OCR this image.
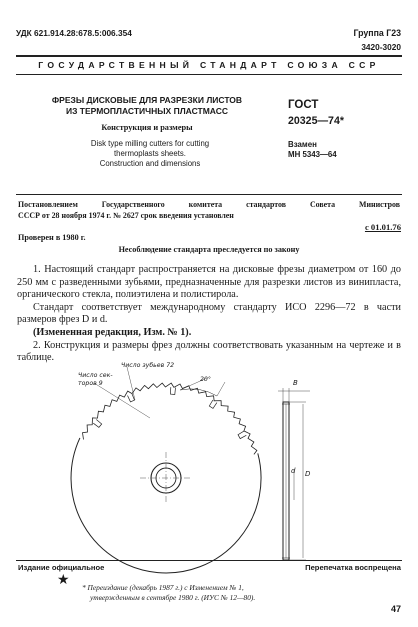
УДК 621.914.28:678.5:006.354	Группа Г23
3420-3020
ГОСУДАРСТВЕННЫЙ СТАНДАРТ СОЮЗА ССР
ФРЕЗЫ ДИСКОВЫЕ ДЛЯ РАЗРЕЗКИ ЛИСТОВ
ИЗ ТЕРМОПЛАСТИЧНЫХ ПЛАСТМАСС
Конструкция и размеры
Disk type milling cutters for cutting
thermoplasts sheets.
Construction and dimensions
ГОСТ
20325—74*
Взамен
МН 5343—64
Постановлением Государственного комитета стандартов Совета Министров
СССР от 28 ноября 1974 г. № 2627 срок введения установлен
с 01.01.76
Проверен в 1980 г.
Несоблюдение стандарта преследуется по закону
1. Настоящий стандарт распространяется на дисковые фрезы диаметром от 160 до 250 мм с разведенными зубьями, предназначенные для разрезки листов из винипласта, органического стекла, полиэтилена и полистирола.
Стандарт соответствует международному стандарту ИСО 2296—72 в части размеров фрез D и d.
(Измененная редакция, Изм. № 1).
2. Конструкция и размеры фрез должны соответствовать указанным на чертеже и в таблице.
Число зубьев 72
Число сек-
торов 9
20°	B
d D
Издание официальное	Перепечатка воспрещена
★ * Переиздание (декабрь 1987 г.) с Изменением № 1,
утвержденным в сентябре 1980 г. (ИУС № 12—80).
47
